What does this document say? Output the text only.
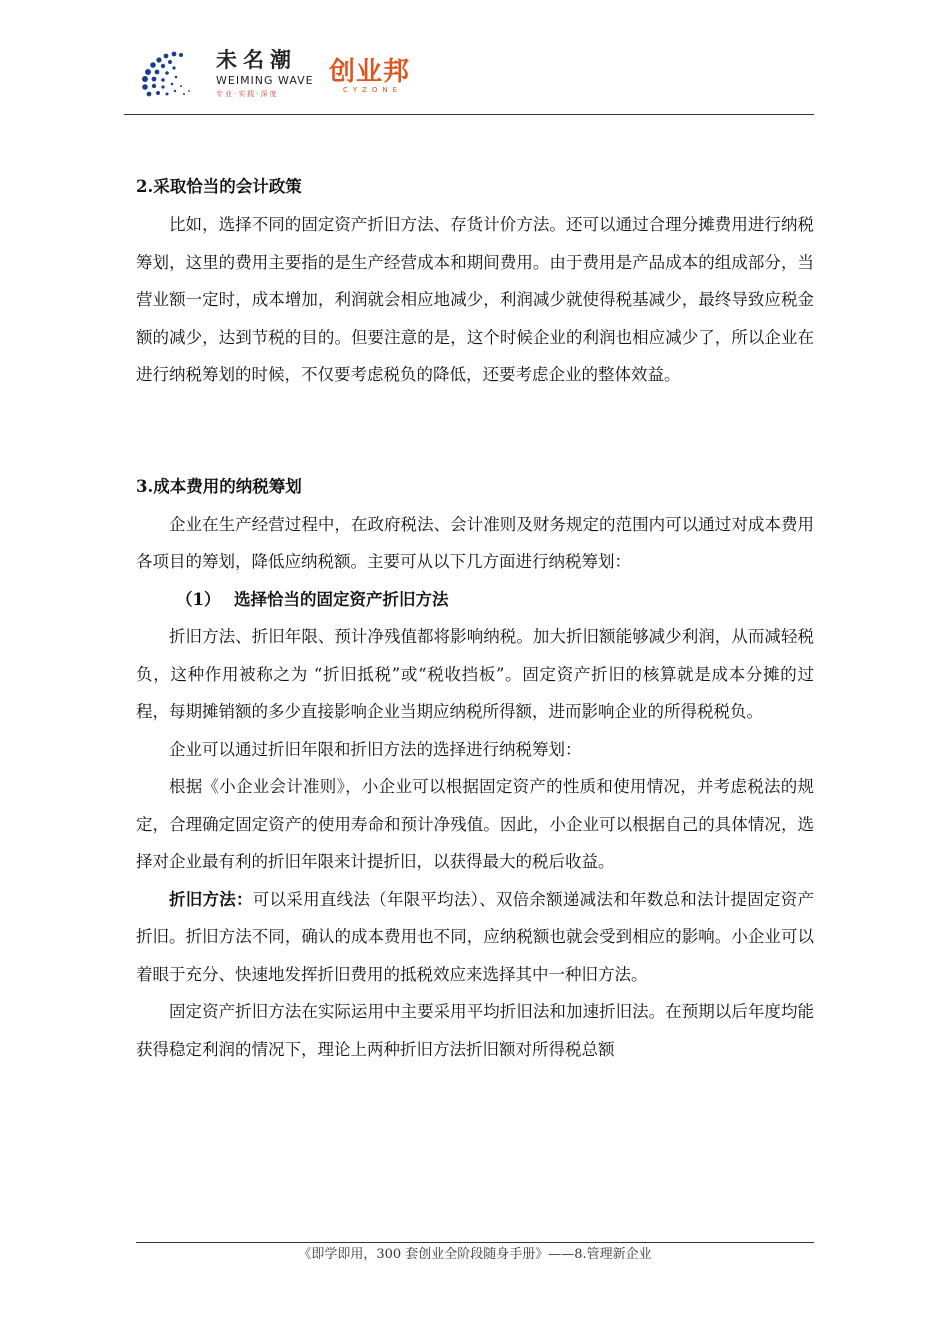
未名潮
WEIMING WAVE
专业·实践·深度
创业邦
CYZONE

2.采取恰当的会计政策

比如，选择不同的固定资产折旧方法、存货计价方法。还可以通过合理分摊费用进行纳税筹划，这里的费用主要指的是生产经营成本和期间费用。由于费用是产品成本的组成部分，当营业额一定时，成本增加，利润就会相应地减少，利润减少就使得税基减少，最终导致应税金额的减少，达到节税的目的。但要注意的是，这个时候企业的利润也相应减少了，所以企业在进行纳税筹划的时候，不仅要考虑税负的降低，还要考虑企业的整体效益。

3.成本费用的纳税筹划

企业在生产经营过程中，在政府税法、会计准则及财务规定的范围内可以通过对成本费用各项目的筹划，降低应纳税额。主要可从以下几方面进行纳税筹划：

（1） 选择恰当的固定资产折旧方法

折旧方法、折旧年限、预计净残值都将影响纳税。加大折旧额能够减少利润，从而减轻税负，这种作用被称之为 “折旧抵税”或“税收挡板”。固定资产折旧的核算就是成本分摊的过程，每期摊销额的多少直接影响企业当期应纳税所得额，进而影响企业的所得税税负。

企业可以通过折旧年限和折旧方法的选择进行纳税筹划：

根据《小企业会计准则》，小企业可以根据固定资产的性质和使用情况，并考虑税法的规定，合理确定固定资产的使用寿命和预计净残值。因此，小企业可以根据自己的具体情况，选择对企业最有利的折旧年限来计提折旧，以获得最大的税后收益。

折旧方法：可以采用直线法（年限平均法）、双倍余额递减法和年数总和法计提固定资产折旧。折旧方法不同，确认的成本费用也不同，应纳税额也就会受到相应的影响。小企业可以着眼于充分、快速地发挥折旧费用的抵税效应来选择其中一种旧方法。

固定资产折旧方法在实际运用中主要采用平均折旧法和加速折旧法。在预期以后年度均能获得稳定利润的情况下，理论上两种折旧方法折旧额对所得税总额

《即学即用，300 套创业全阶段随身手册》——8.管理新企业
